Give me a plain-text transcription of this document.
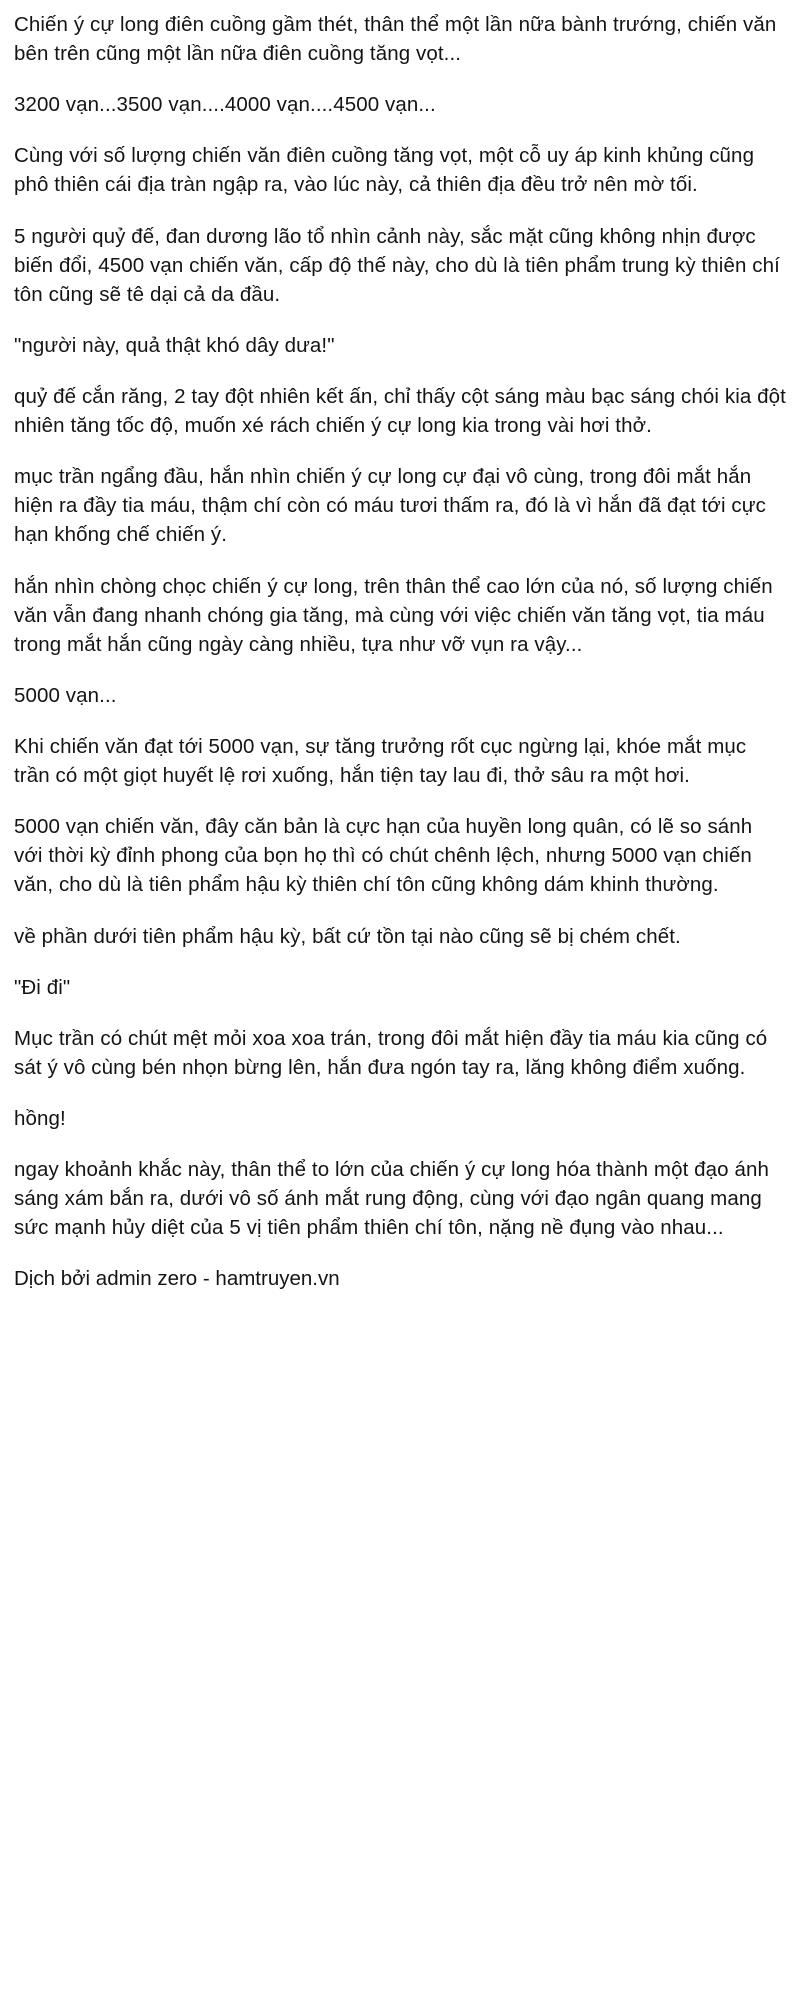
Chiến ý cự long điên cuồng gầm thét, thân thể một lần nữa bành trướng, chiến văn bên trên cũng một lần nữa điên cuồng tăng vọt...

3200 vạn...3500 vạn....4000 vạn....4500 vạn...

Cùng với số lượng chiến văn điên cuồng tăng vọt, một cỗ uy áp kinh khủng cũng phô thiên cái địa tràn ngập ra, vào lúc này, cả thiên địa đều trở nên mờ tối.

5 người quỷ đế, đan dương lão tổ nhìn cảnh này, sắc mặt cũng không nhịn được biến đổi, 4500 vạn chiến văn, cấp độ thế này, cho dù là tiên phẩm trung kỳ thiên chí tôn cũng sẽ tê dại cả da đầu.

"người này, quả thật khó dây dưa!"

quỷ đế cắn răng, 2 tay đột nhiên kết ấn, chỉ thấy cột sáng màu bạc sáng chói kia đột nhiên tăng tốc độ, muốn xé rách chiến ý cự long kia trong vài hơi thở.

mục trần ngẩng đầu, hắn nhìn chiến ý cự long cự đại vô cùng, trong đôi mắt hắn hiện ra đầy tia máu, thậm chí còn có máu tươi thấm ra, đó là vì hắn đã đạt tới cực hạn khống chế chiến ý.

hắn nhìn chòng chọc chiến ý cự long, trên thân thể cao lớn của nó, số lượng chiến văn vẫn đang nhanh chóng gia tăng, mà cùng với việc chiến văn tăng vọt, tia máu trong mắt hắn cũng ngày càng nhiều, tựa như vỡ vụn ra vậy...

5000 vạn...

Khi chiến văn đạt tới 5000 vạn, sự tăng trưởng rốt cục ngừng lại, khóe mắt mục trần có một giọt huyết lệ rơi xuống, hắn tiện tay lau đi, thở sâu ra một hơi.

5000 vạn chiến văn, đây căn bản là cực hạn của huyền long quân, có lẽ so sánh với thời kỳ đỉnh phong của bọn họ thì có chút chênh lệch, nhưng 5000 vạn chiến văn, cho dù là tiên phẩm hậu kỳ thiên chí tôn cũng không dám khinh thường.

về phần dưới tiên phẩm hậu kỳ, bất cứ tồn tại nào cũng sẽ bị chém chết.

"Đi đi"

Mục trần có chút mệt mỏi xoa xoa trán, trong đôi mắt hiện đầy tia máu kia cũng có sát ý vô cùng bén nhọn bừng lên, hắn đưa ngón tay ra, lăng không điểm xuống.

hồng!

ngay khoảnh khắc này, thân thể to lớn của chiến ý cự long hóa thành một đạo ánh sáng xám bắn ra, dưới vô số ánh mắt rung động, cùng với đạo ngân quang mang sức mạnh hủy diệt của 5 vị tiên phẩm thiên chí tôn, nặng nề đụng vào nhau...

Dịch bởi admin zero - hamtruyen.vn
